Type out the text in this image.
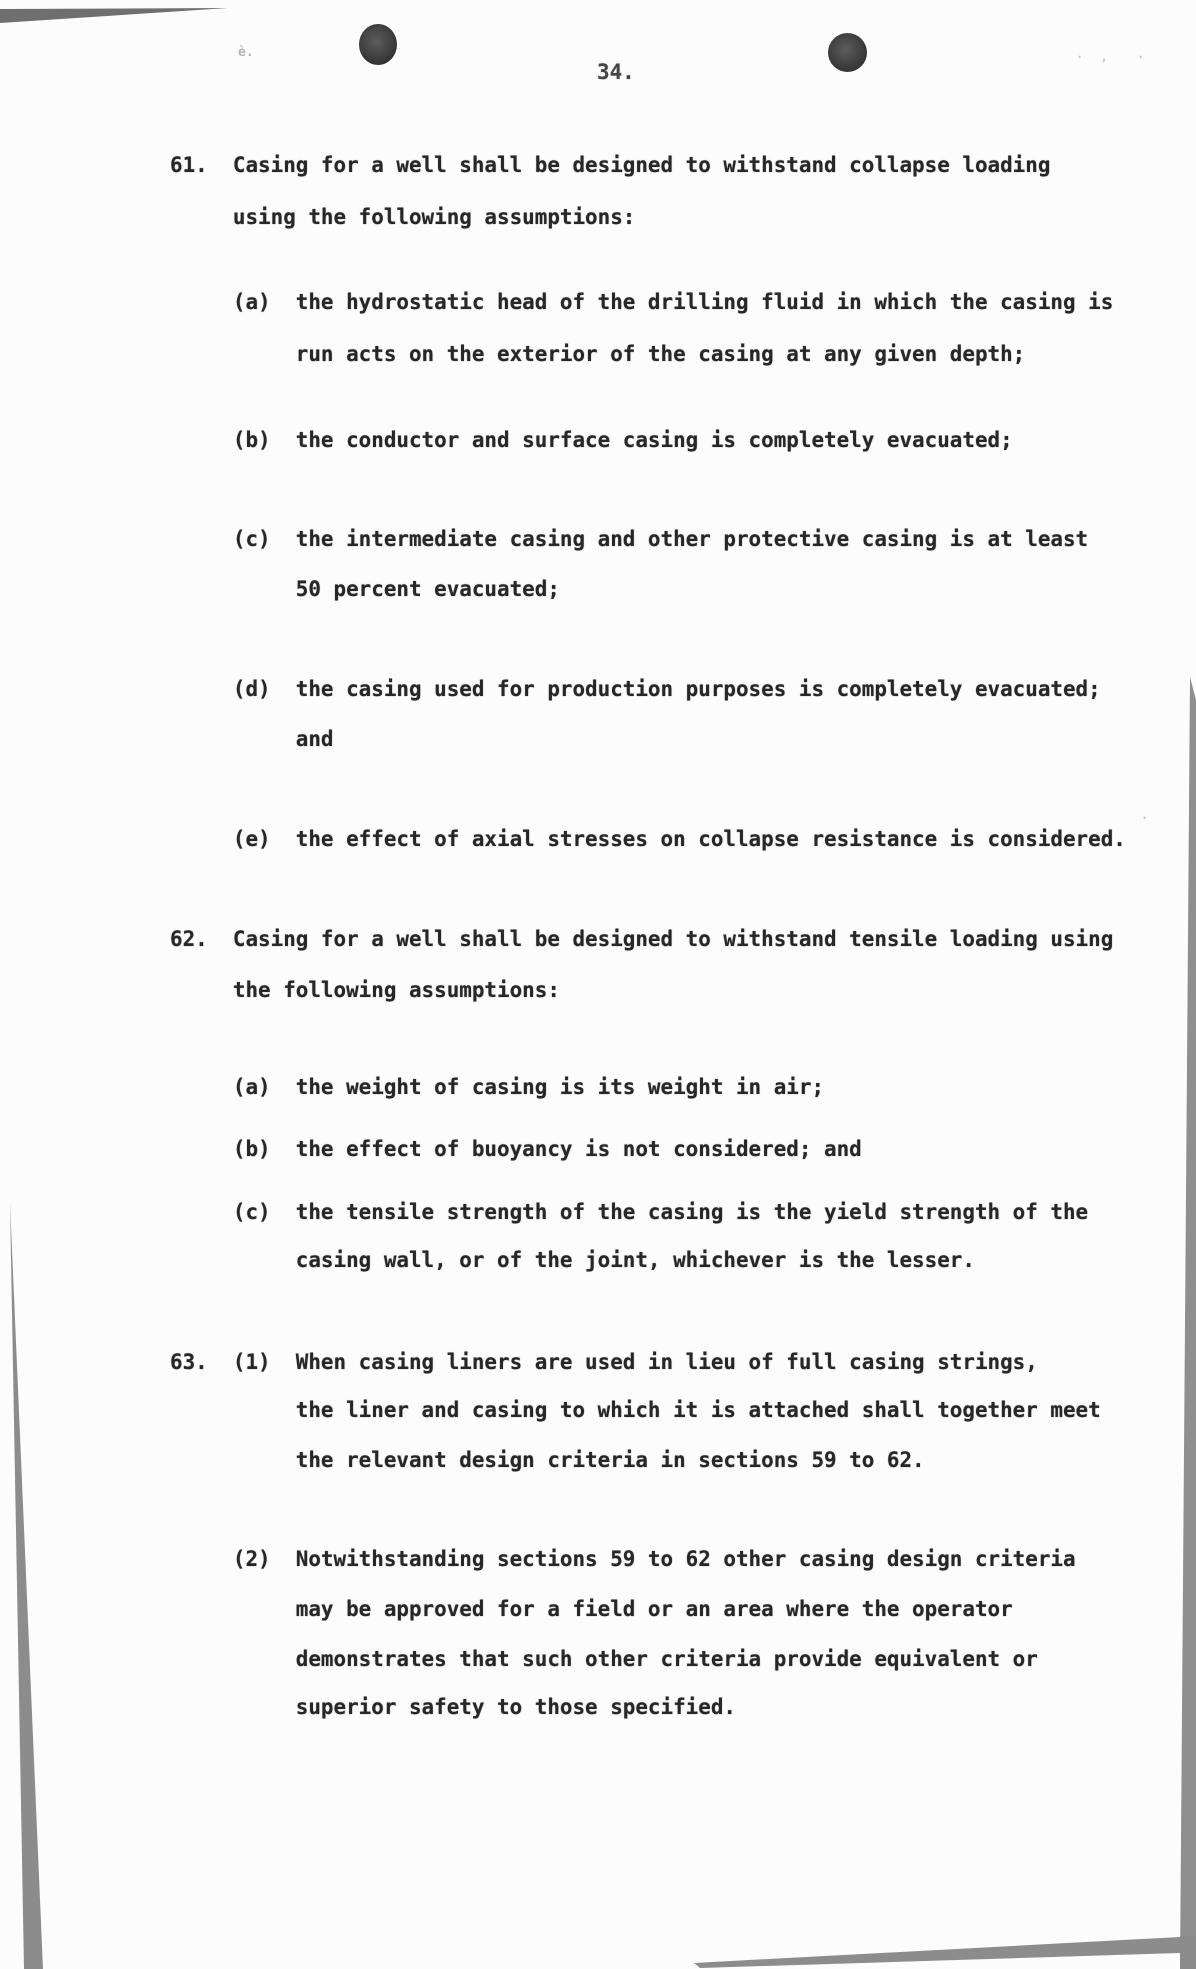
è.	· ,  ·
·
34.
61.  Casing for a well shall be designed to withstand collapse loading
using the following assumptions:
(a)  the hydrostatic head of the drilling fluid in which the casing is
run acts on the exterior of the casing at any given depth;
(b)  the conductor and surface casing is completely evacuated;
(c)  the intermediate casing and other protective casing is at least
50 percent evacuated;
(d)  the casing used for production purposes is completely evacuated;
and
(e)  the effect of axial stresses on collapse resistance is considered.
62.  Casing for a well shall be designed to withstand tensile loading using
the following assumptions:
(a)  the weight of casing is its weight in air;
(b)  the effect of buoyancy is not considered; and
(c)  the tensile strength of the casing is the yield strength of the
casing wall, or of the joint, whichever is the lesser.
63.  (1)  When casing liners are used in lieu of full casing strings,
the liner and casing to which it is attached shall together meet
the relevant design criteria in sections 59 to 62.
(2)  Notwithstanding sections 59 to 62 other casing design criteria
may be approved for a field or an area where the operator
demonstrates that such other criteria provide equivalent or
superior safety to those specified.
